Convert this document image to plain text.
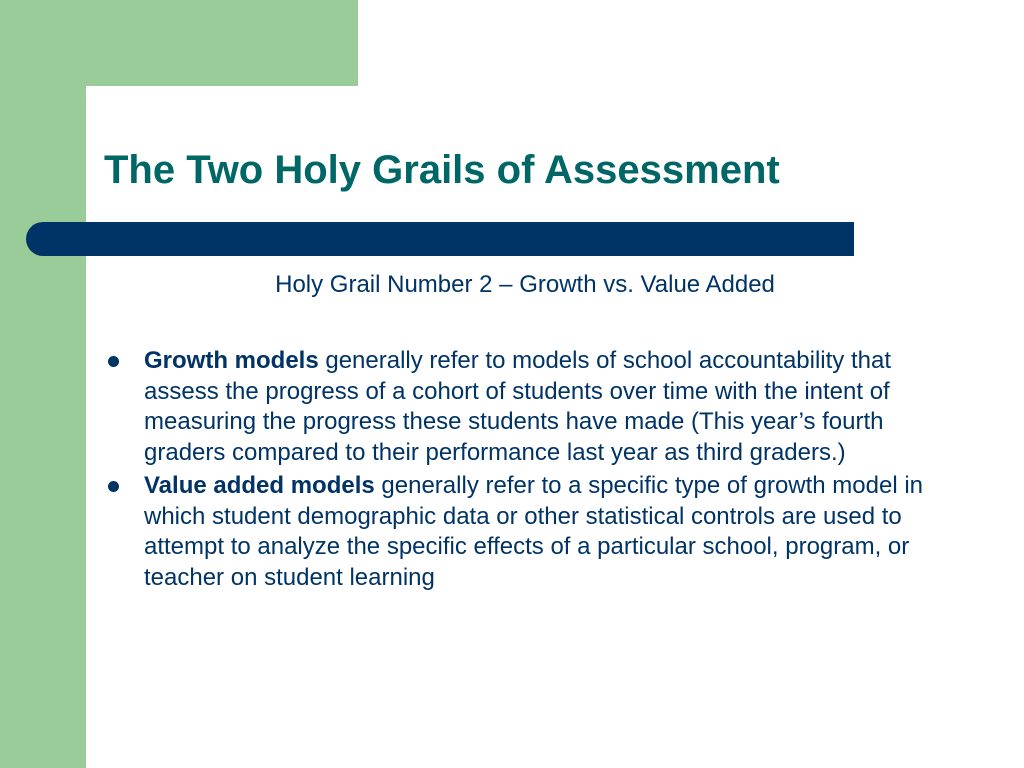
The Two Holy Grails of Assessment
Holy Grail Number 2 – Growth vs. Value Added
Growth models generally refer to models of school accountability that assess the progress of a cohort of students over time with the intent of measuring the progress these students have made (This year’s fourth graders compared to their performance last year as third graders.)
Value added models generally refer to a specific type of growth model in which student demographic data or other statistical controls are used to attempt to analyze the specific effects of a particular school, program, or teacher on student learning
